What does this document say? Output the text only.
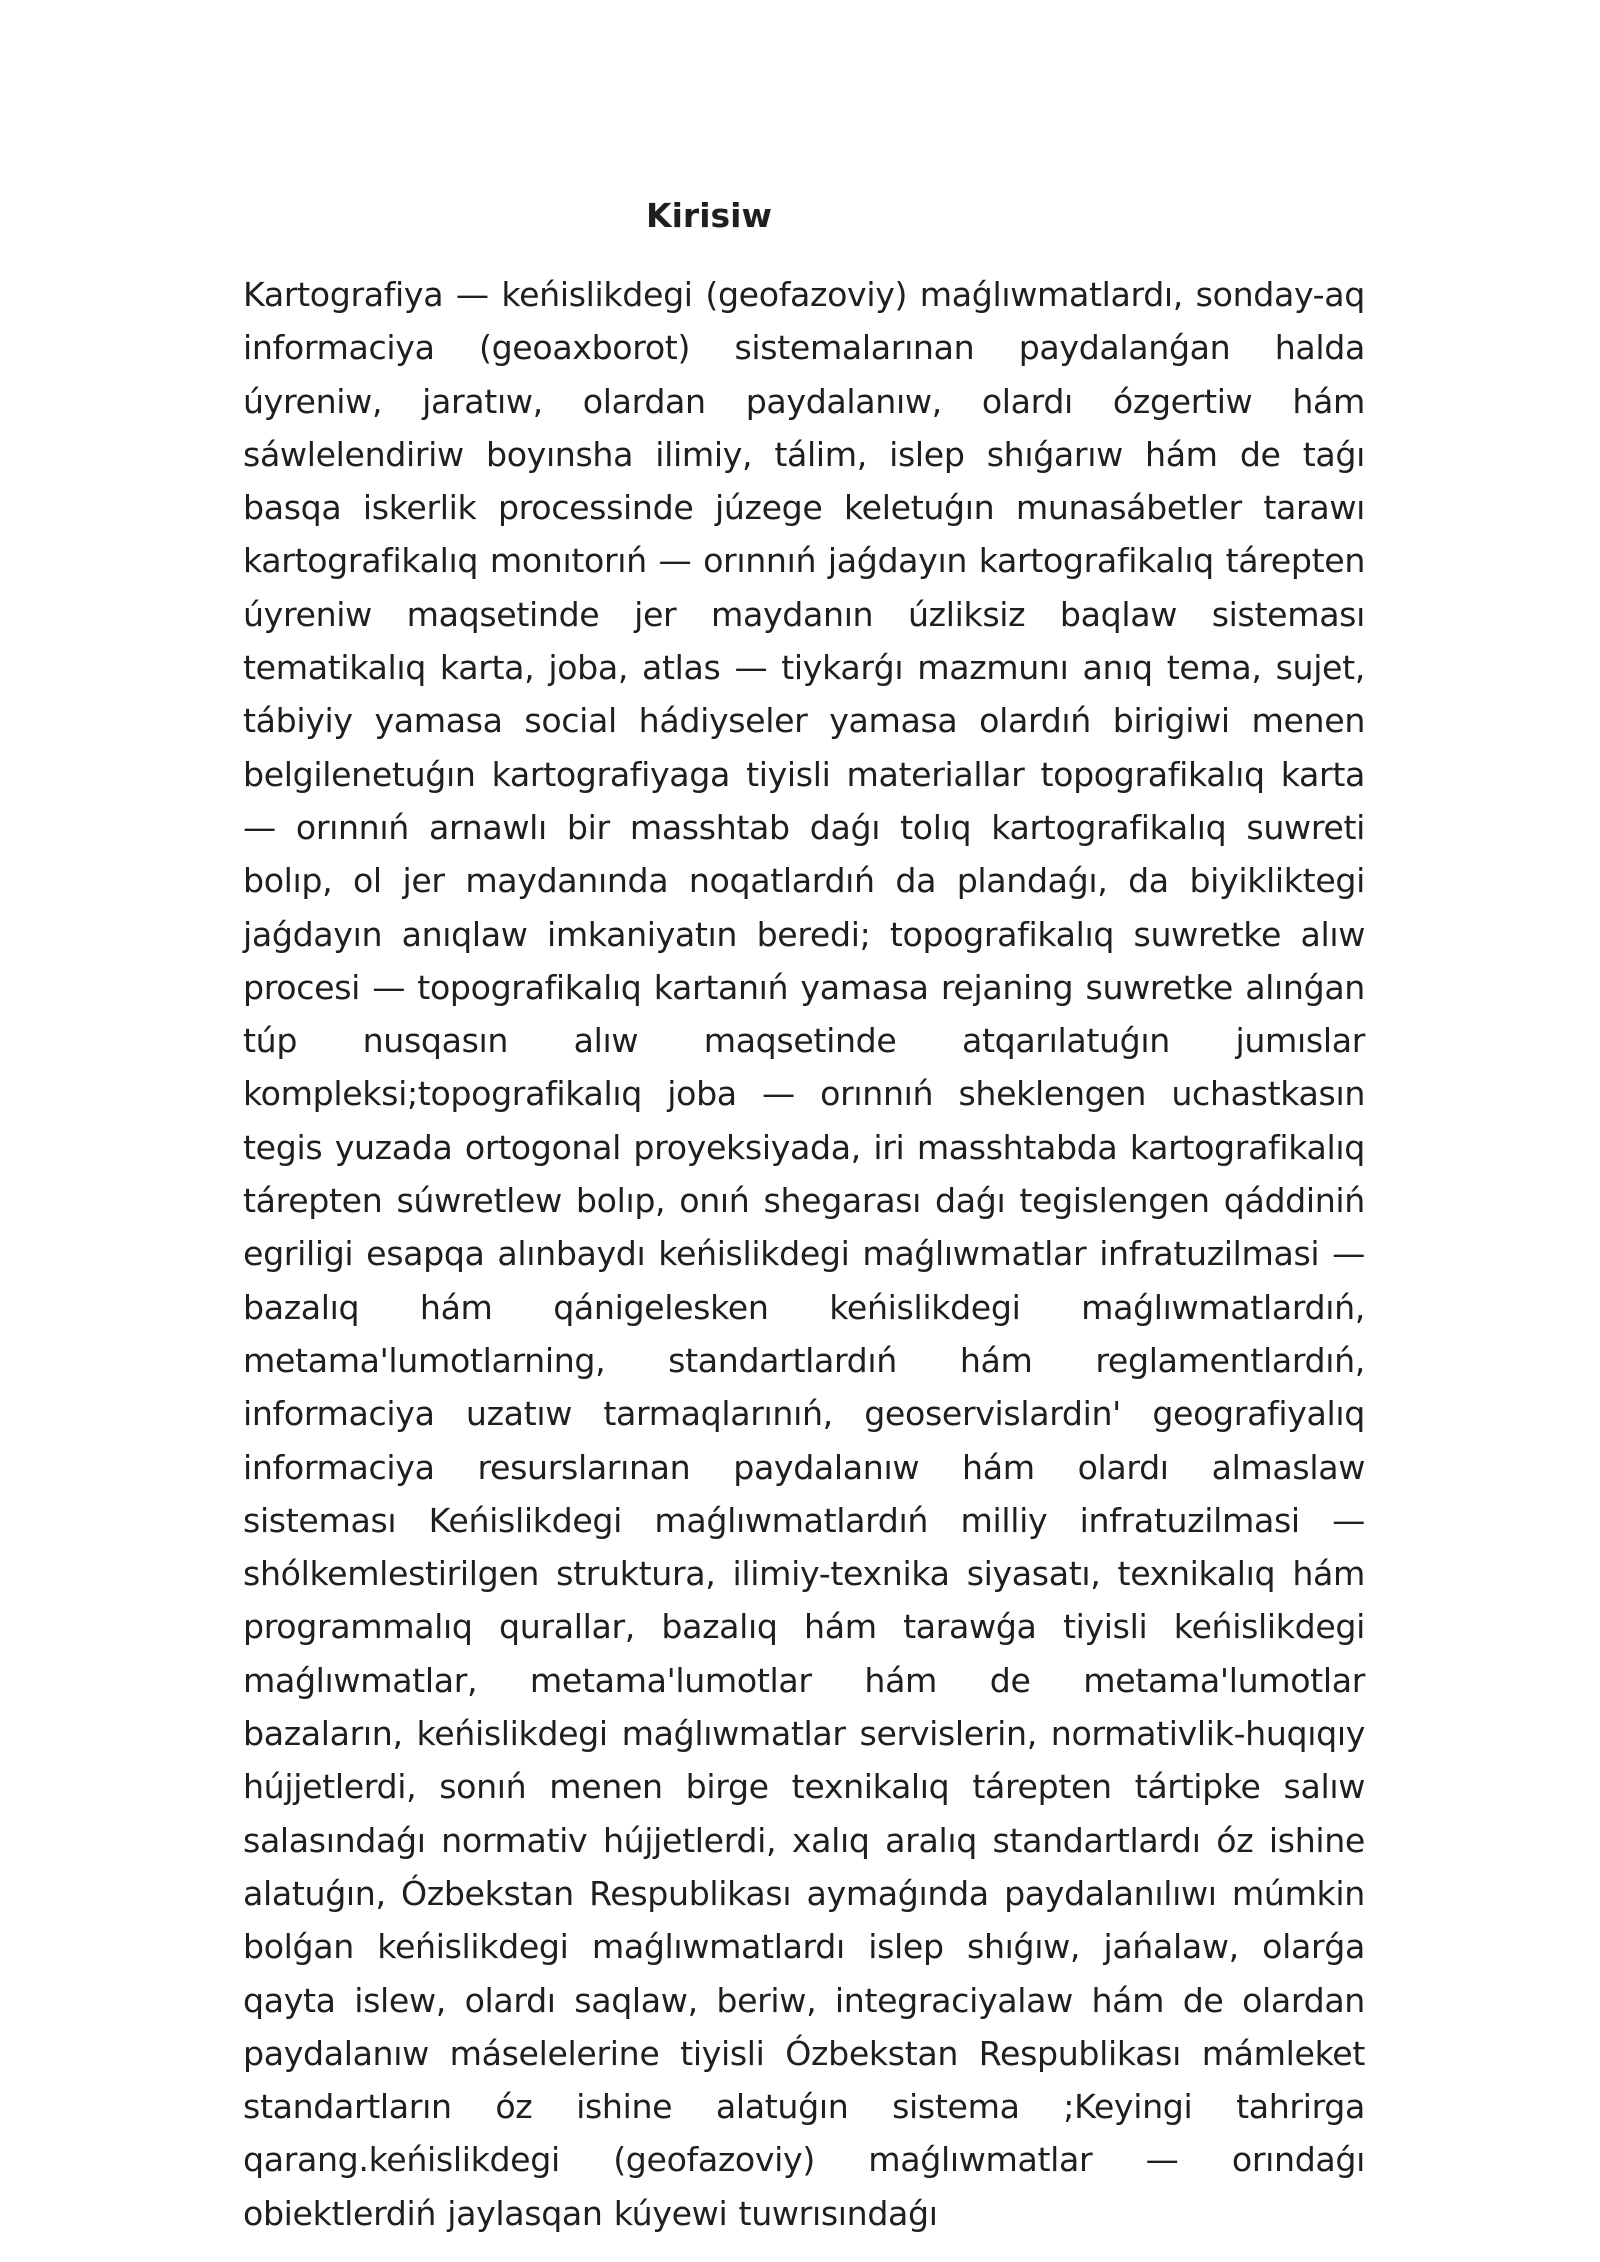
Kirisiw

Kartografiya — keńislikdegi (geofazoviy) maǵlıwmatlardı, sonday-aq informaciya (geoaxborot) sistemalarınan paydalanǵan halda úyreniw, jaratıw, olardan paydalanıw, olardı ózgertiw hám sáwlelendiriw boyınsha ilimiy, tálim, islep shıǵarıw hám de taǵı basqa iskerlik processinde júzege keletuǵın munasábetler tarawı kartografikalıq monıtorıń — orınnıń jaǵdayın kartografikalıq tárepten úyreniw maqsetinde jer maydanın úzliksiz baqlaw sisteması tematikalıq karta, joba, atlas — tiykarǵı mazmunı anıq tema, sujet, tábiyiy yamasa social hádiyseler yamasa olardıń birigiwi menen belgilenetuǵın kartografiyaga tiyisli materiallar topografikalıq karta — orınnıń arnawlı bir masshtab daǵı tolıq kartografikalıq suwreti bolıp, ol jer maydanında noqatlardıń da plandaǵı, da biyikliktegi jaǵdayın anıqlaw imkaniyatın beredi; topografikalıq suwretke alıw procesi — topografikalıq kartanıń yamasa rejaning suwretke alınǵan túp nusqasın alıw maqsetinde atqarılatuǵın jumıslar kompleksi;topografikalıq joba — orınnıń sheklengen uchastkasın tegis yuzada ortogonal proyeksiyada, iri masshtabda kartografikalıq tárepten súwretlew bolıp, onıń shegarası daǵı tegislengen qáddiniń egriligi esapqa alınbaydı keńislikdegi maǵlıwmatlar infratuzilmasi — bazalıq hám qánigelesken keńislikdegi maǵlıwmatlardıń, metama'lumotlarning, standartlardıń hám reglamentlardıń, informaciya uzatıw tarmaqlarınıń, geoservislardin' geografiyalıq informaciya resurslarınan paydalanıw hám olardı almaslaw sisteması Keńislikdegi maǵlıwmatlardıń milliy infratuzilmasi — shólkemlestirilgen struktura, ilimiy-texnika siyasatı, texnikalıq hám programmalıq qurallar, bazalıq hám tarawǵa tiyisli keńislikdegi maǵlıwmatlar, metama'lumotlar hám de metama'lumotlar bazaların, keńislikdegi maǵlıwmatlar servislerin, normativlik-huqıqıy hújjetlerdi, sonıń menen birge texnikalıq tárepten tártipke salıw salasındaǵı normativ hújjetlerdi, xalıq aralıq standartlardı óz ishine alatuǵın, Ózbekstan Respublikası aymaǵında paydalanılıwı múmkin bolǵan keńislikdegi maǵlıwmatlardı islep shıǵıw, jańalaw, olarǵa qayta islew, olardı saqlaw, beriw, integraciyalaw hám de olardan paydalanıw máselelerine tiyisli Ózbekstan Respublikası mámleket standartların óz ishine alatuǵın sistema ;Keyingi tahrirga qarang.keńislikdegi (geofazoviy) maǵlıwmatlar — orındaǵı obiektlerdiń jaylasqan kúyewi tuwrısındaǵı
